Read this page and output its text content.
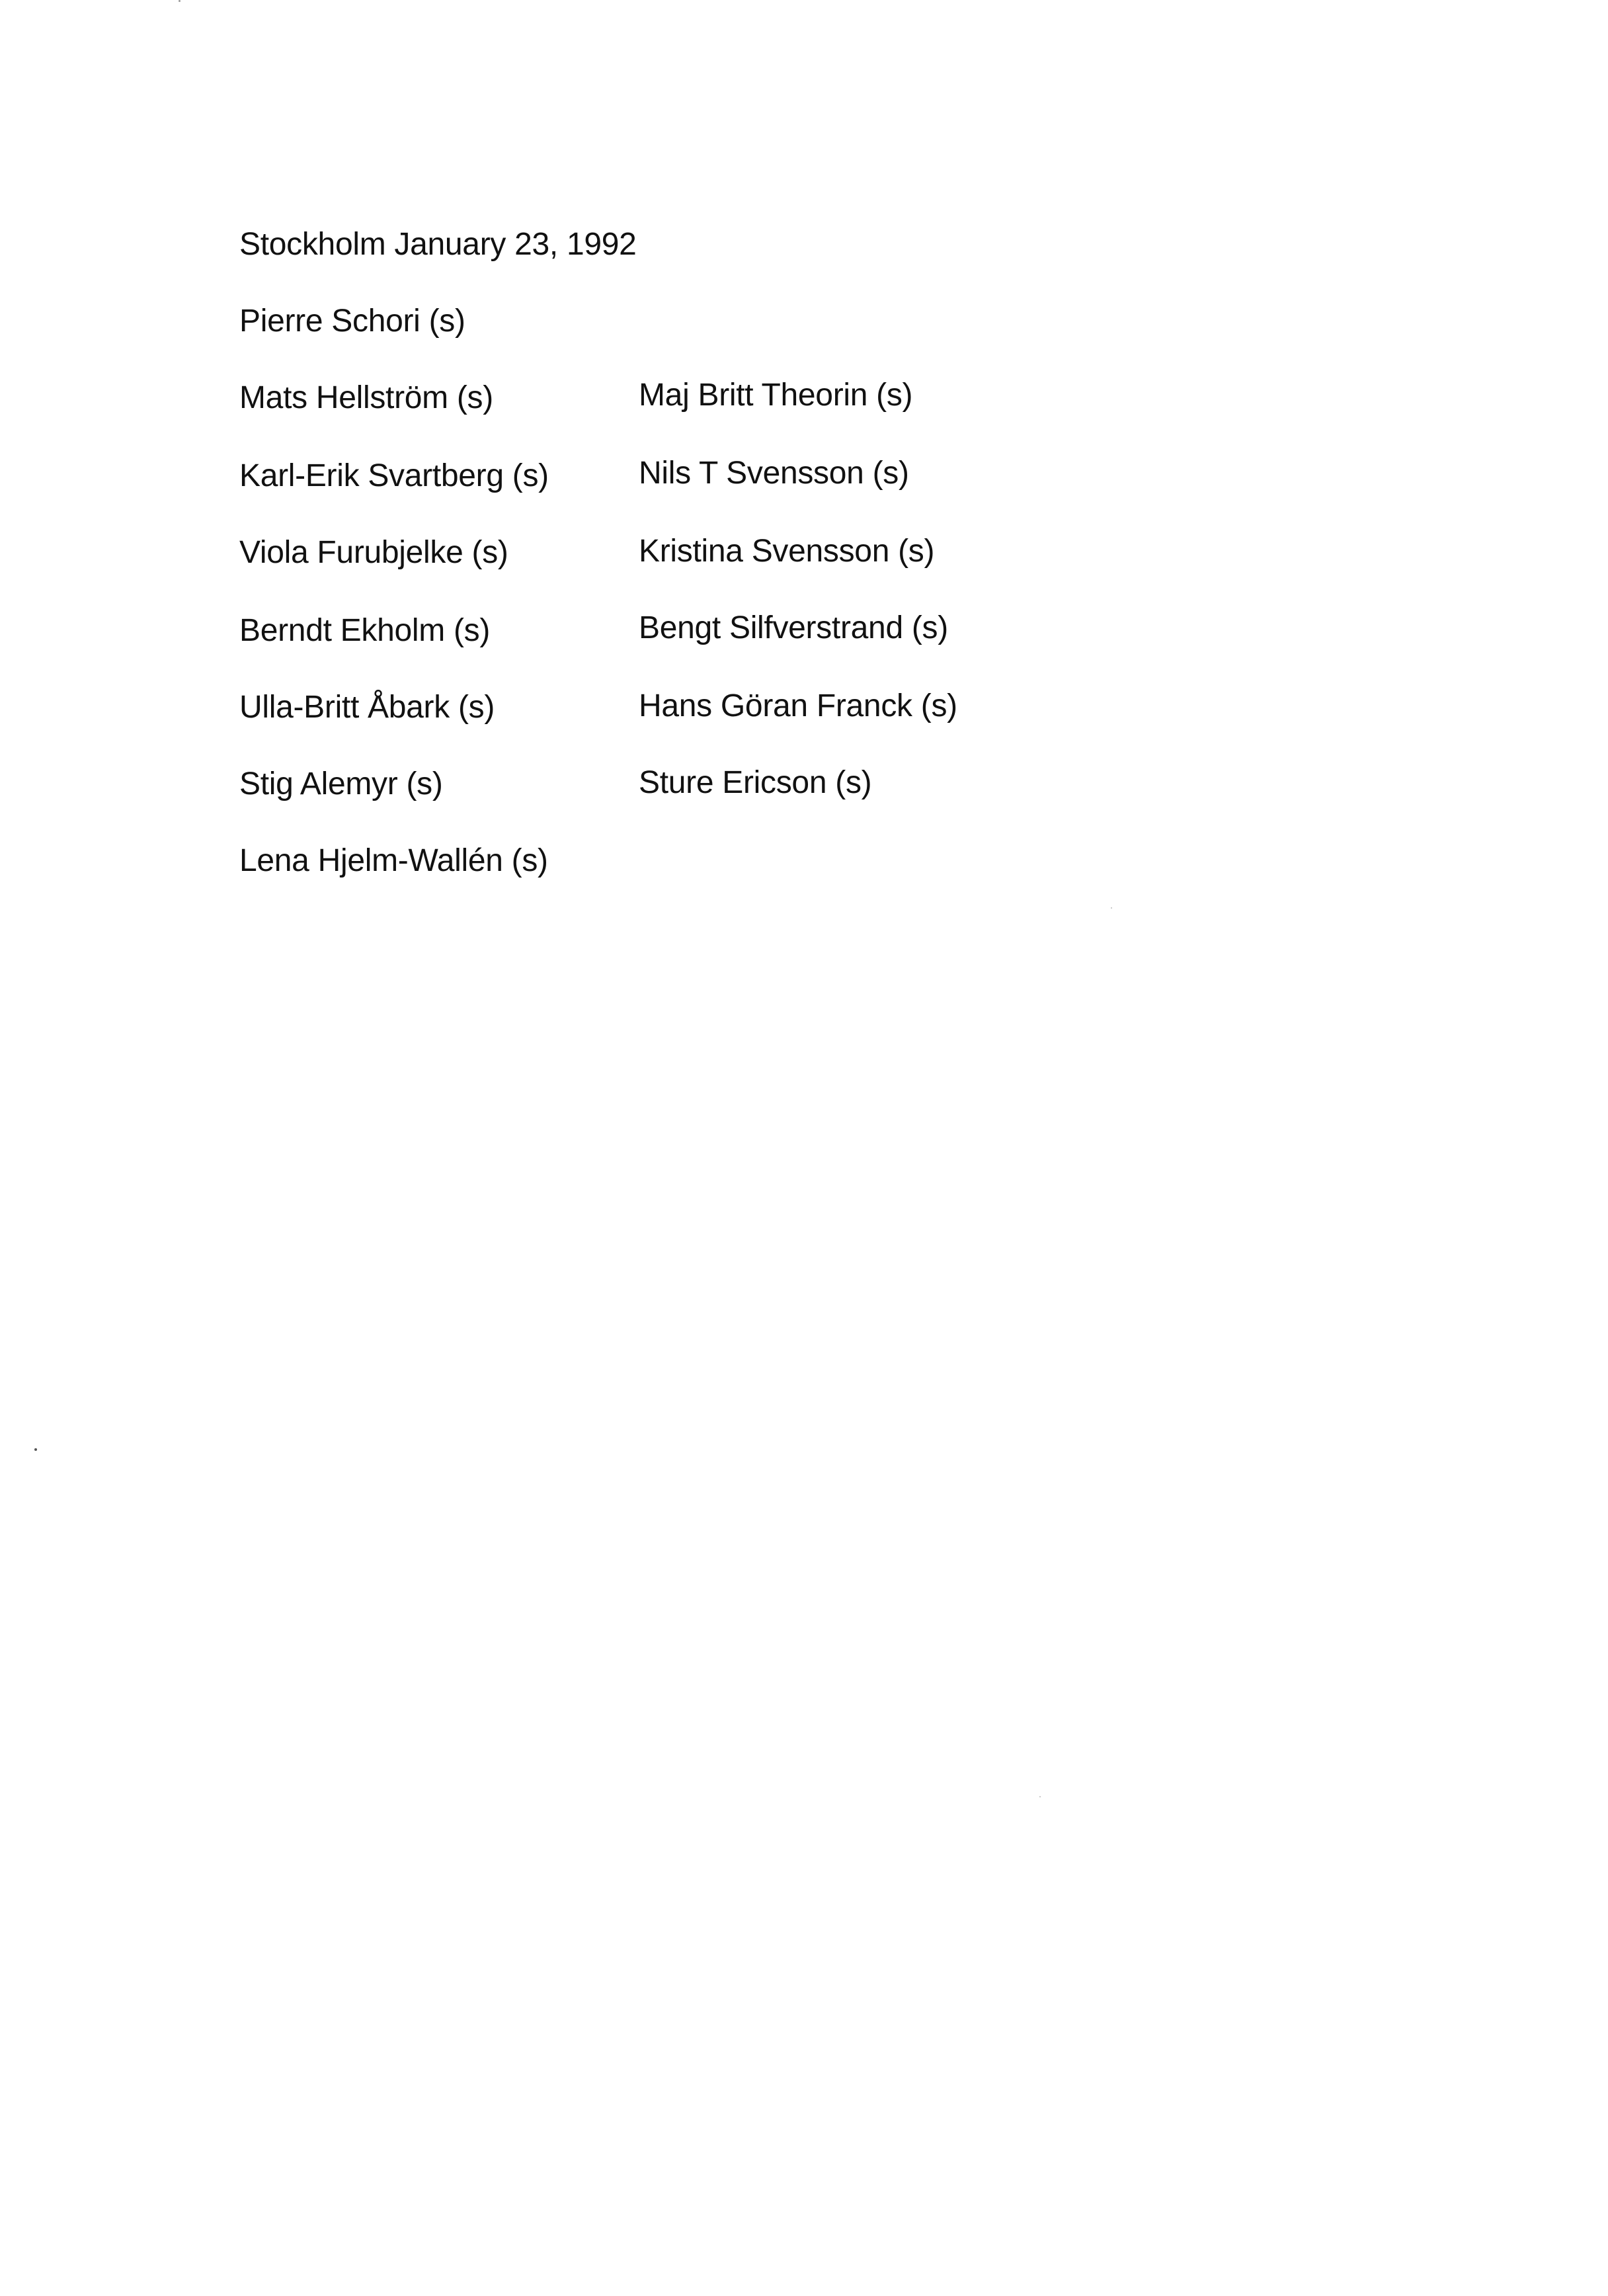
Stockholm January 23, 1992
Pierre Schori (s)
Mats Hellström (s)	Maj Britt Theorin (s)
Karl-Erik Svartberg (s)	Nils T Svensson (s)
Viola Furubjelke (s)	Kristina Svensson (s)
Berndt Ekholm (s)	Bengt Silfverstrand (s)
Ulla-Britt Åbark (s)	Hans Göran Franck (s)
Stig Alemyr (s)	Sture Ericson (s)
Lena Hjelm-Wallén (s)
